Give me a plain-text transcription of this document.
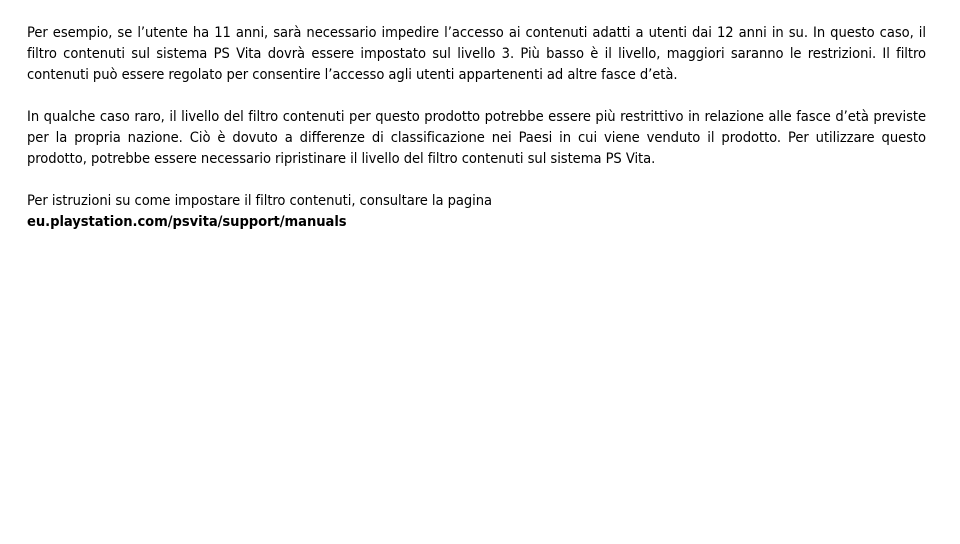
Per esempio, se l’utente ha 11 anni, sarà necessario impedire l’accesso ai contenuti adatti a utenti dai 12 anni in su. In questo caso, il filtro contenuti sul sistema PS Vita dovrà essere impostato sul livello 3. Più basso è il livello, maggiori saranno le restrizioni. Il filtro contenuti può essere regolato per consentire l’accesso agli utenti appartenenti ad altre fasce d’età.

In qualche caso raro, il livello del filtro contenuti per questo prodotto potrebbe essere più restrittivo in relazione alle fasce d’età previste per la propria nazione. Ciò è dovuto a differenze di classificazione nei Paesi in cui viene venduto il prodotto. Per utilizzare questo prodotto, potrebbe essere necessario ripristinare il livello del filtro contenuti sul sistema PS Vita.

Per istruzioni su come impostare il filtro contenuti, consultare la pagina

eu.playstation.com/psvita/support/manuals
